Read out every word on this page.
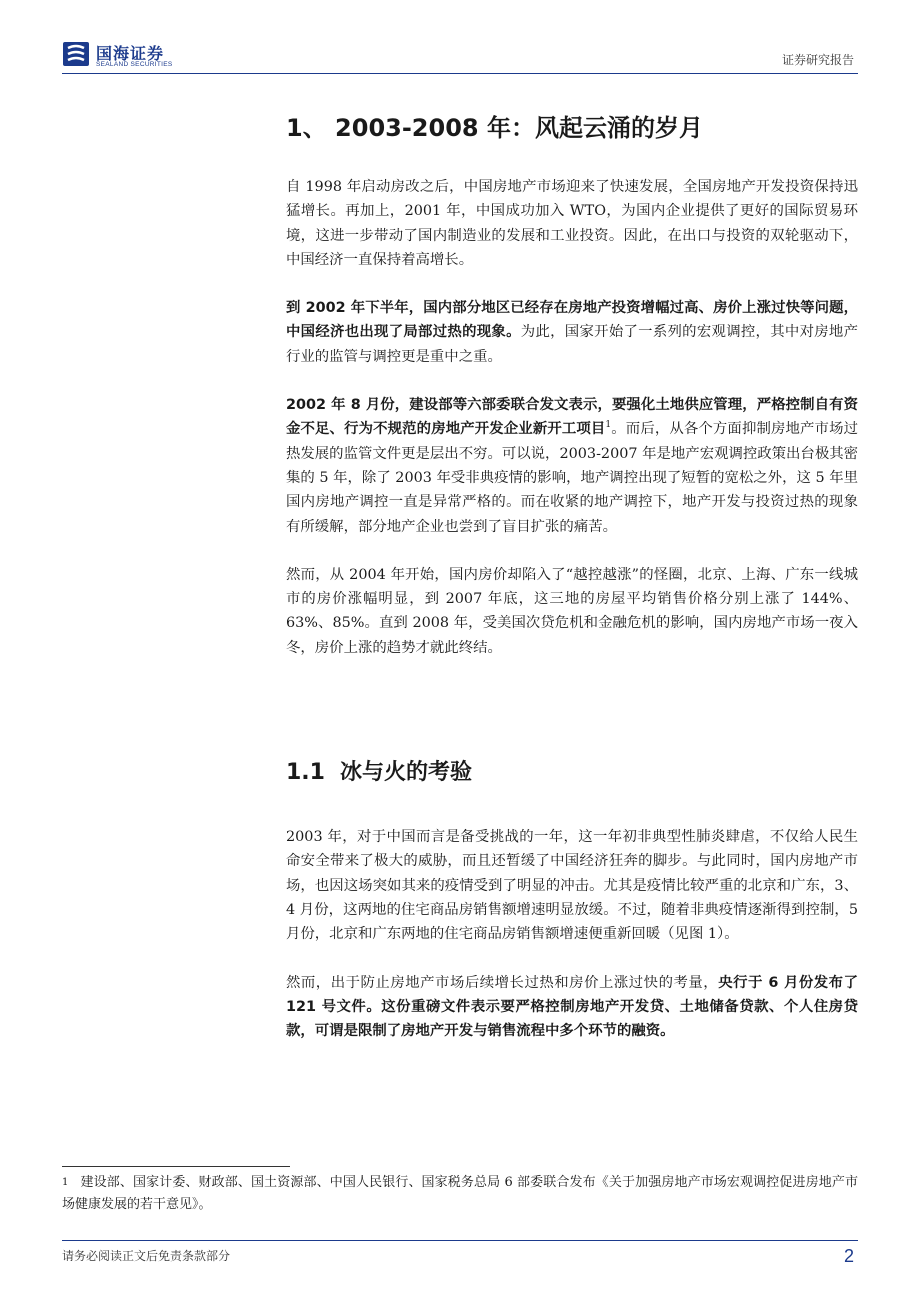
国海证券
SEALAND SECURITIES	证券研究报告
1、 2003-2008 年：风起云涌的岁月

自 1998 年启动房改之后，中国房地产市场迎来了快速发展，全国房地产开发投资保持迅猛增长。再加上，2001 年，中国成功加入 WTO，为国内企业提供了更好的国际贸易环境，这进一步带动了国内制造业的发展和工业投资。因此，在出口与投资的双轮驱动下，中国经济一直保持着高增长。

到 2002 年下半年，国内部分地区已经存在房地产投资增幅过高、房价上涨过快等问题，中国经济也出现了局部过热的现象。为此，国家开始了一系列的宏观调控，其中对房地产行业的监管与调控更是重中之重。

2002 年 8 月份，建设部等六部委联合发文表示，要强化土地供应管理，严格控制自有资金不足、行为不规范的房地产开发企业新开工项目$^1$。而后，从各个方面抑制房地产市场过热发展的监管文件更是层出不穷。可以说，2003-2007 年是地产宏观调控政策出台极其密集的 5 年，除了 2003 年受非典疫情的影响，地产调控出现了短暂的宽松之外，这 5 年里国内房地产调控一直是异常严格的。而在收紧的地产调控下，地产开发与投资过热的现象有所缓解，部分地产企业也尝到了盲目扩张的痛苦。

然而，从 2004 年开始，国内房价却陷入了“越控越涨”的怪圈，北京、上海、广东一线城市的房价涨幅明显，到 2007 年底，这三地的房屋平均销售价格分别上涨了 144%、63%、85%。直到 2008 年，受美国次贷危机和金融危机的影响，国内房地产市场一夜入冬，房价上涨的趋势才就此终结。

1.1 冰与火的考验

2003 年，对于中国而言是备受挑战的一年，这一年初非典型性肺炎肆虐，不仅给人民生命安全带来了极大的威胁，而且还暂缓了中国经济狂奔的脚步。与此同时，国内房地产市场，也因这场突如其来的疫情受到了明显的冲击。尤其是疫情比较严重的北京和广东，3、4 月份，这两地的住宅商品房销售额增速明显放缓。不过，随着非典疫情逐渐得到控制，5 月份，北京和广东两地的住宅商品房销售额增速便重新回暖（见图 1）。

然而，出于防止房地产市场后续增长过热和房价上涨过快的考量，央行于 6 月份发布了 121 号文件。这份重磅文件表示要严格控制房地产开发贷、土地储备贷款、个人住房贷款，可谓是限制了房地产开发与销售流程中多个环节的融资。

$^1$ 建设部、国家计委、财政部、国土资源部、中国人民银行、国家税务总局 6 部委联合发布《关于加强房地产市场宏观调控促进房地产市场健康发展的若干意见》。
请务必阅读正文后免责条款部分	2
